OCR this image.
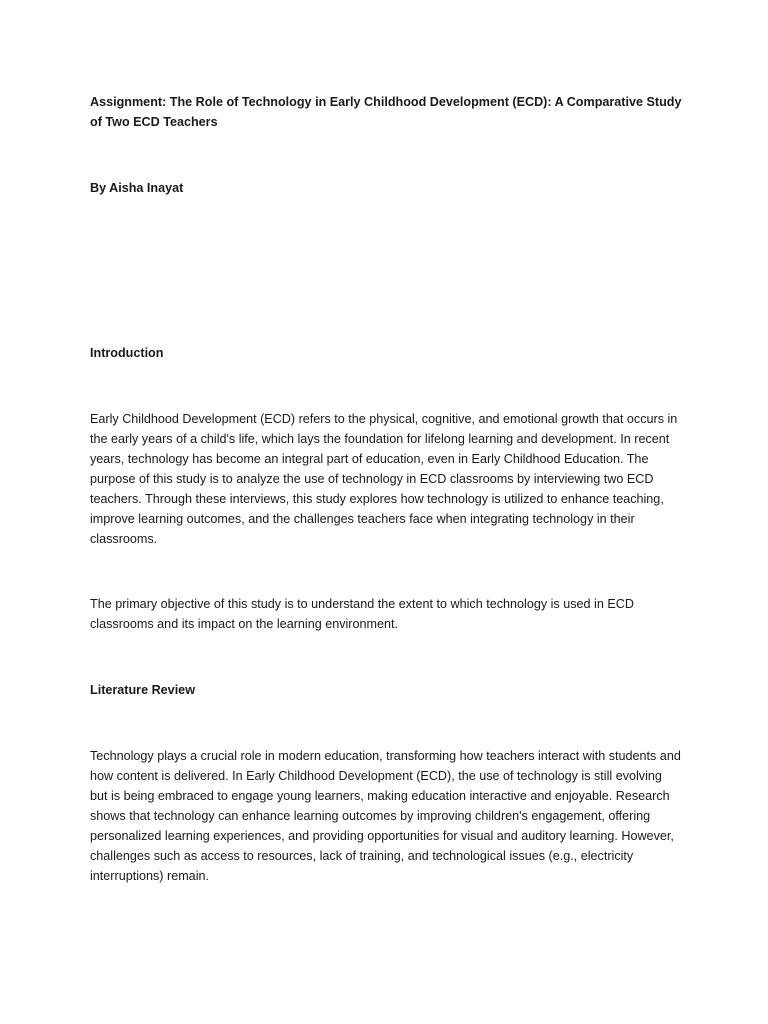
Assignment: The Role of Technology in Early Childhood Development (ECD): A Comparative Study of Two ECD Teachers

By Aisha Inayat

Introduction

Early Childhood Development (ECD) refers to the physical, cognitive, and emotional growth that occurs in the early years of a child's life, which lays the foundation for lifelong learning and development. In recent years, technology has become an integral part of education, even in Early Childhood Education. The purpose of this study is to analyze the use of technology in ECD classrooms by interviewing two ECD teachers. Through these interviews, this study explores how technology is utilized to enhance teaching, improve learning outcomes, and the challenges teachers face when integrating technology in their classrooms.

The primary objective of this study is to understand the extent to which technology is used in ECD classrooms and its impact on the learning environment.

Literature Review

Technology plays a crucial role in modern education, transforming how teachers interact with students and how content is delivered. In Early Childhood Development (ECD), the use of technology is still evolving but is being embraced to engage young learners, making education interactive and enjoyable. Research shows that technology can enhance learning outcomes by improving children's engagement, offering personalized learning experiences, and providing opportunities for visual and auditory learning. However, challenges such as access to resources, lack of training, and technological issues (e.g., electricity interruptions) remain.
